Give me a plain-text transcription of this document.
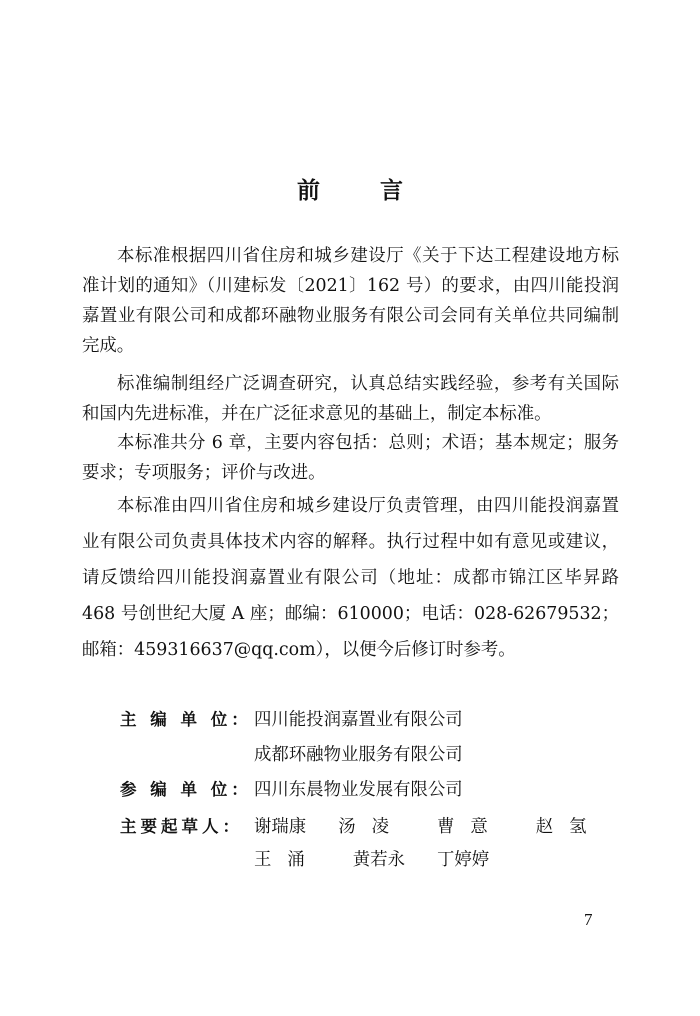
前 言

本标准根据四川省住房和城乡建设厅《关于下达工程建设地方标准计划的通知》（川建标发〔2021〕162 号）的要求，由四川能投润嘉置业有限公司和成都环融物业服务有限公司会同有关单位共同编制完成。

标准编制组经广泛调查研究，认真总结实践经验，参考有关国际和国内先进标准，并在广泛征求意见的基础上，制定本标准。

本标准共分 6 章，主要内容包括：总则；术语；基本规定；服务要求；专项服务；评价与改进。

本标准由四川省住房和城乡建设厅负责管理，由四川能投润嘉置业有限公司负责具体技术内容的解释。执行过程中如有意见或建议，请反馈给四川能投润嘉置业有限公司（地址：成都市锦江区毕昇路 468 号创世纪大厦 A 座；邮编：610000；电话：028-62679532；邮箱：459316637@qq.com），以便今后修订时参考。

主 编 单 位： 四川能投润嘉置业有限公司
成都环融物业服务有限公司
参 编 单 位： 四川东晨物业发展有限公司
主要起草人： 谢瑞康 汤凌 曹意 赵氢
王涌 黄若永 丁婷婷
7
